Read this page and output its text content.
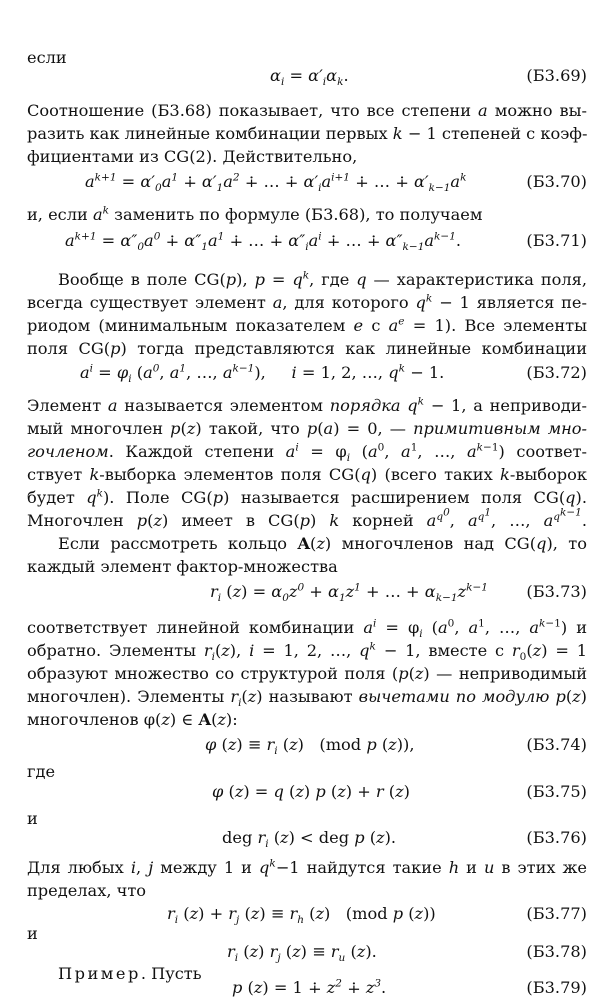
если
$\alpha_i = \alpha'_i\alpha_k$.	(Б3.69)
Соотношение (Б3.68) показывает, что все степени a можно вы-
разить как линейные комбинации первых k − 1 степеней с коэф-
фициентами из CG(2). Действительно,
$a^{k+1} = \alpha'_0a^1$ ∔ $\alpha'_1a^2$ ∔ … ∔ $\alpha'_ia^{i+1}$ ∔ … ∔ $\alpha'_{k-1}a^k$	(Б3.70)
и, если $a^k$ заменить по формуле (Б3.68), то получаем
$a^{k+1} = \alpha''_0a^0$ ∔ $\alpha''_1a^1$ ∔ … ∔ $\alpha''_ia^i$ ∔ … ∔ $\alpha''_{k-1}a^{k-1}$.	(Б3.71)
Вообще в поле CG(p), $p = q^k$, где q — характеристика поля,
всегда существует элемент a, для которого $q^k - 1$ является пе-
риодом (минимальным показателем e с $a^e = 1$). Все элементы
поля CG(p) тогда представляются как линейные комбинации
$a^i = \varphi_i$ ($a^0$, $a^1$, …, $a^{k-1}$),     i = 1, 2, …, $q^k - 1$.	(Б3.72)
Элемент a называется элементом порядка $q^k - 1$, а неприводи-
мый многочлен p(z) такой, что p(a) = 0, — примитивным мно-
гочленом. Каждой степени $a^i = \varphi_i$ ($a^0$, $a^1$, …, $a^{k-1}$) соответ-
ствует k-выборка элементов поля CG(q) (всего таких k-выборок
будет $q^k$). Поле CG(p) называется расширением поля CG(q).
Многочлен p(z) имеет в CG(p) k корней $a^{q^0}$, $a^{q^1}$, …, $a^{q^{k-1}}$.
Если рассмотреть кольцо A(z) многочленов над CG(q), то
каждый элемент фактор-множества
$r_i$ $(z) = \alpha_0z^0 + \alpha_1z^1$ + … + $\alpha_{k-1}z^{k-1}$ (Б3.73)
соответствует линейной комбинации $a^i = \varphi_i$ ($a^0$, $a^1$, …, $a^{k-1}$) и
обратно. Элементы $r_i(z)$, i = 1, 2, …, $q^k - 1$, вместе с $r_0(z) = 1$
образуют множество со структурой поля (p(z) — неприводимый
многочлен). Элементы $r_i(z)$ называют вычетами по модулю p(z)
многочленов φ(z) ∈ A(z):
φ $(z) \equiv r_i$ (z)   (mod p (z)),	(Б3.74)
где
φ (z) = q (z) p (z) + r (z)	(Б3.75)
и
deg $r_i$ (z) < deg p (z).	(Б3.76)
Для любых i, j между 1 и $q^k-1$ найдутся такие h и u в этих же
пределах, что
$r_i$ $(z) + r_j$ $(z) \equiv r_h$ (z)   (mod p (z))	(Б3.77)
и
$r_i$ (z) $r_j$ $(z) \equiv r_u$ (z).	(Б3.78)
Пример. Пусть
p (z) = 1 ∔ $z^2$ ∔ $z^3$.	(Б3.79)
